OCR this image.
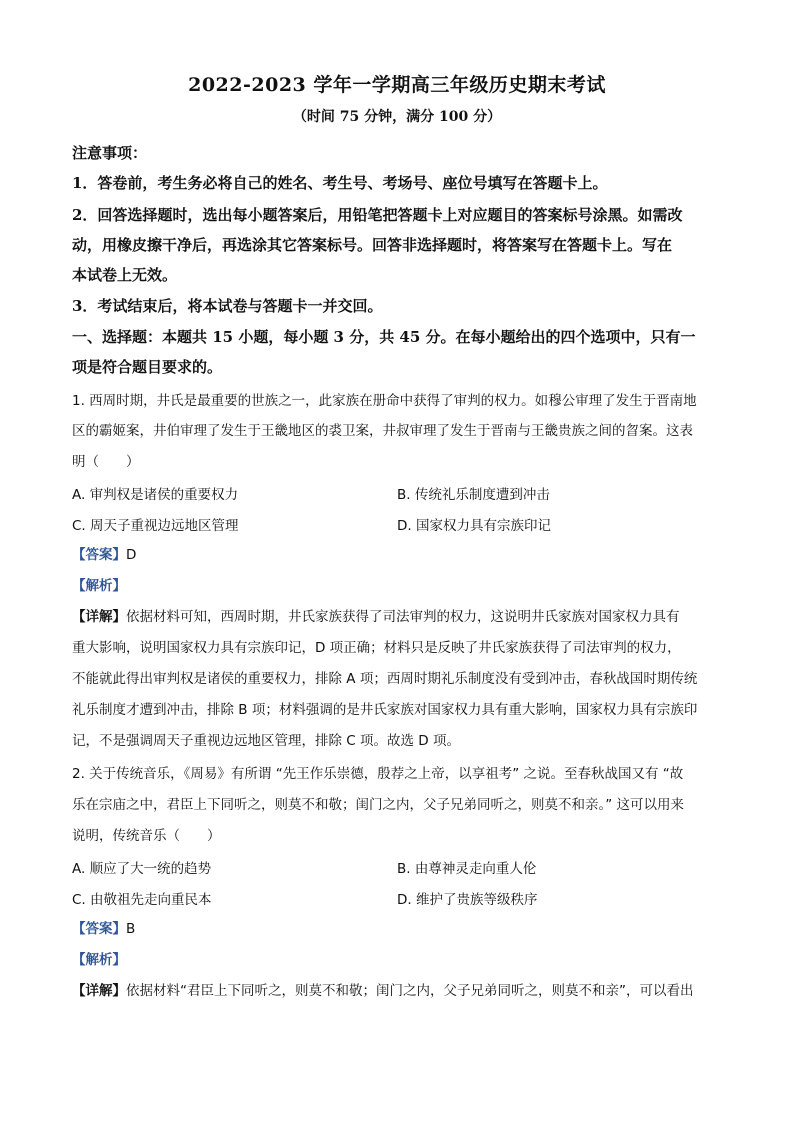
2022-2023 学年一学期高三年级历史期末考试
（时间 75 分钟，满分 100 分）
注意事项：
1．答卷前，考生务必将自己的姓名、考生号、考场号、座位号填写在答题卡上。
2．回答选择题时，选出每小题答案后，用铅笔把答题卡上对应题目的答案标号涂黑。如需改
动，用橡皮擦干净后，再选涂其它答案标号。回答非选择题时，将答案写在答题卡上。写在
本试卷上无效。
3．考试结束后，将本试卷与答题卡一并交回。
一、选择题：本题共 15 小题，每小题 3 分，共 45 分。在每小题给出的四个选项中，只有一
项是符合题目要求的。
1. 西周时期，井氏是最重要的世族之一，此家族在册命中获得了审判的权力。如穆公审理了发生于晋南地
区的霸姬案，井伯审理了发生于王畿地区的裘卫案，井叔审理了发生于晋南与王畿贵族之间的曶案。这表
明（　　）
A. 审判权是诸侯的重要权力	B. 传统礼乐制度遭到冲击
C. 周天子重视边远地区管理	D. 国家权力具有宗族印记
【答案】D
【解析】
【详解】依据材料可知，西周时期，井氏家族获得了司法审判的权力，这说明井氏家族对国家权力具有
重大影响，说明国家权力具有宗族印记，D 项正确；材料只是反映了井氏家族获得了司法审判的权力，
不能就此得出审判权是诸侯的重要权力，排除 A 项；西周时期礼乐制度没有受到冲击，春秋战国时期传统
礼乐制度才遭到冲击，排除 B 项；材料强调的是井氏家族对国家权力具有重大影响，国家权力具有宗族印
记，不是强调周天子重视边远地区管理，排除 C 项。故选 D 项。
2. 关于传统音乐，《周易》有所谓 “先王作乐崇德，殷荐之上帝，以享祖考” 之说。至春秋战国又有 “故
乐在宗庙之中，君臣上下同听之，则莫不和敬；闺门之内，父子兄弟同听之，则莫不和亲。” 这可以用来
说明，传统音乐（　　）
A. 顺应了大一统的趋势	B. 由尊神灵走向重人伦
C. 由敬祖先走向重民本	D. 维护了贵族等级秩序
【答案】B
【解析】
【详解】依据材料“君臣上下同听之，则莫不和敬；闺门之内，父子兄弟同听之，则莫不和亲”，可以看出
